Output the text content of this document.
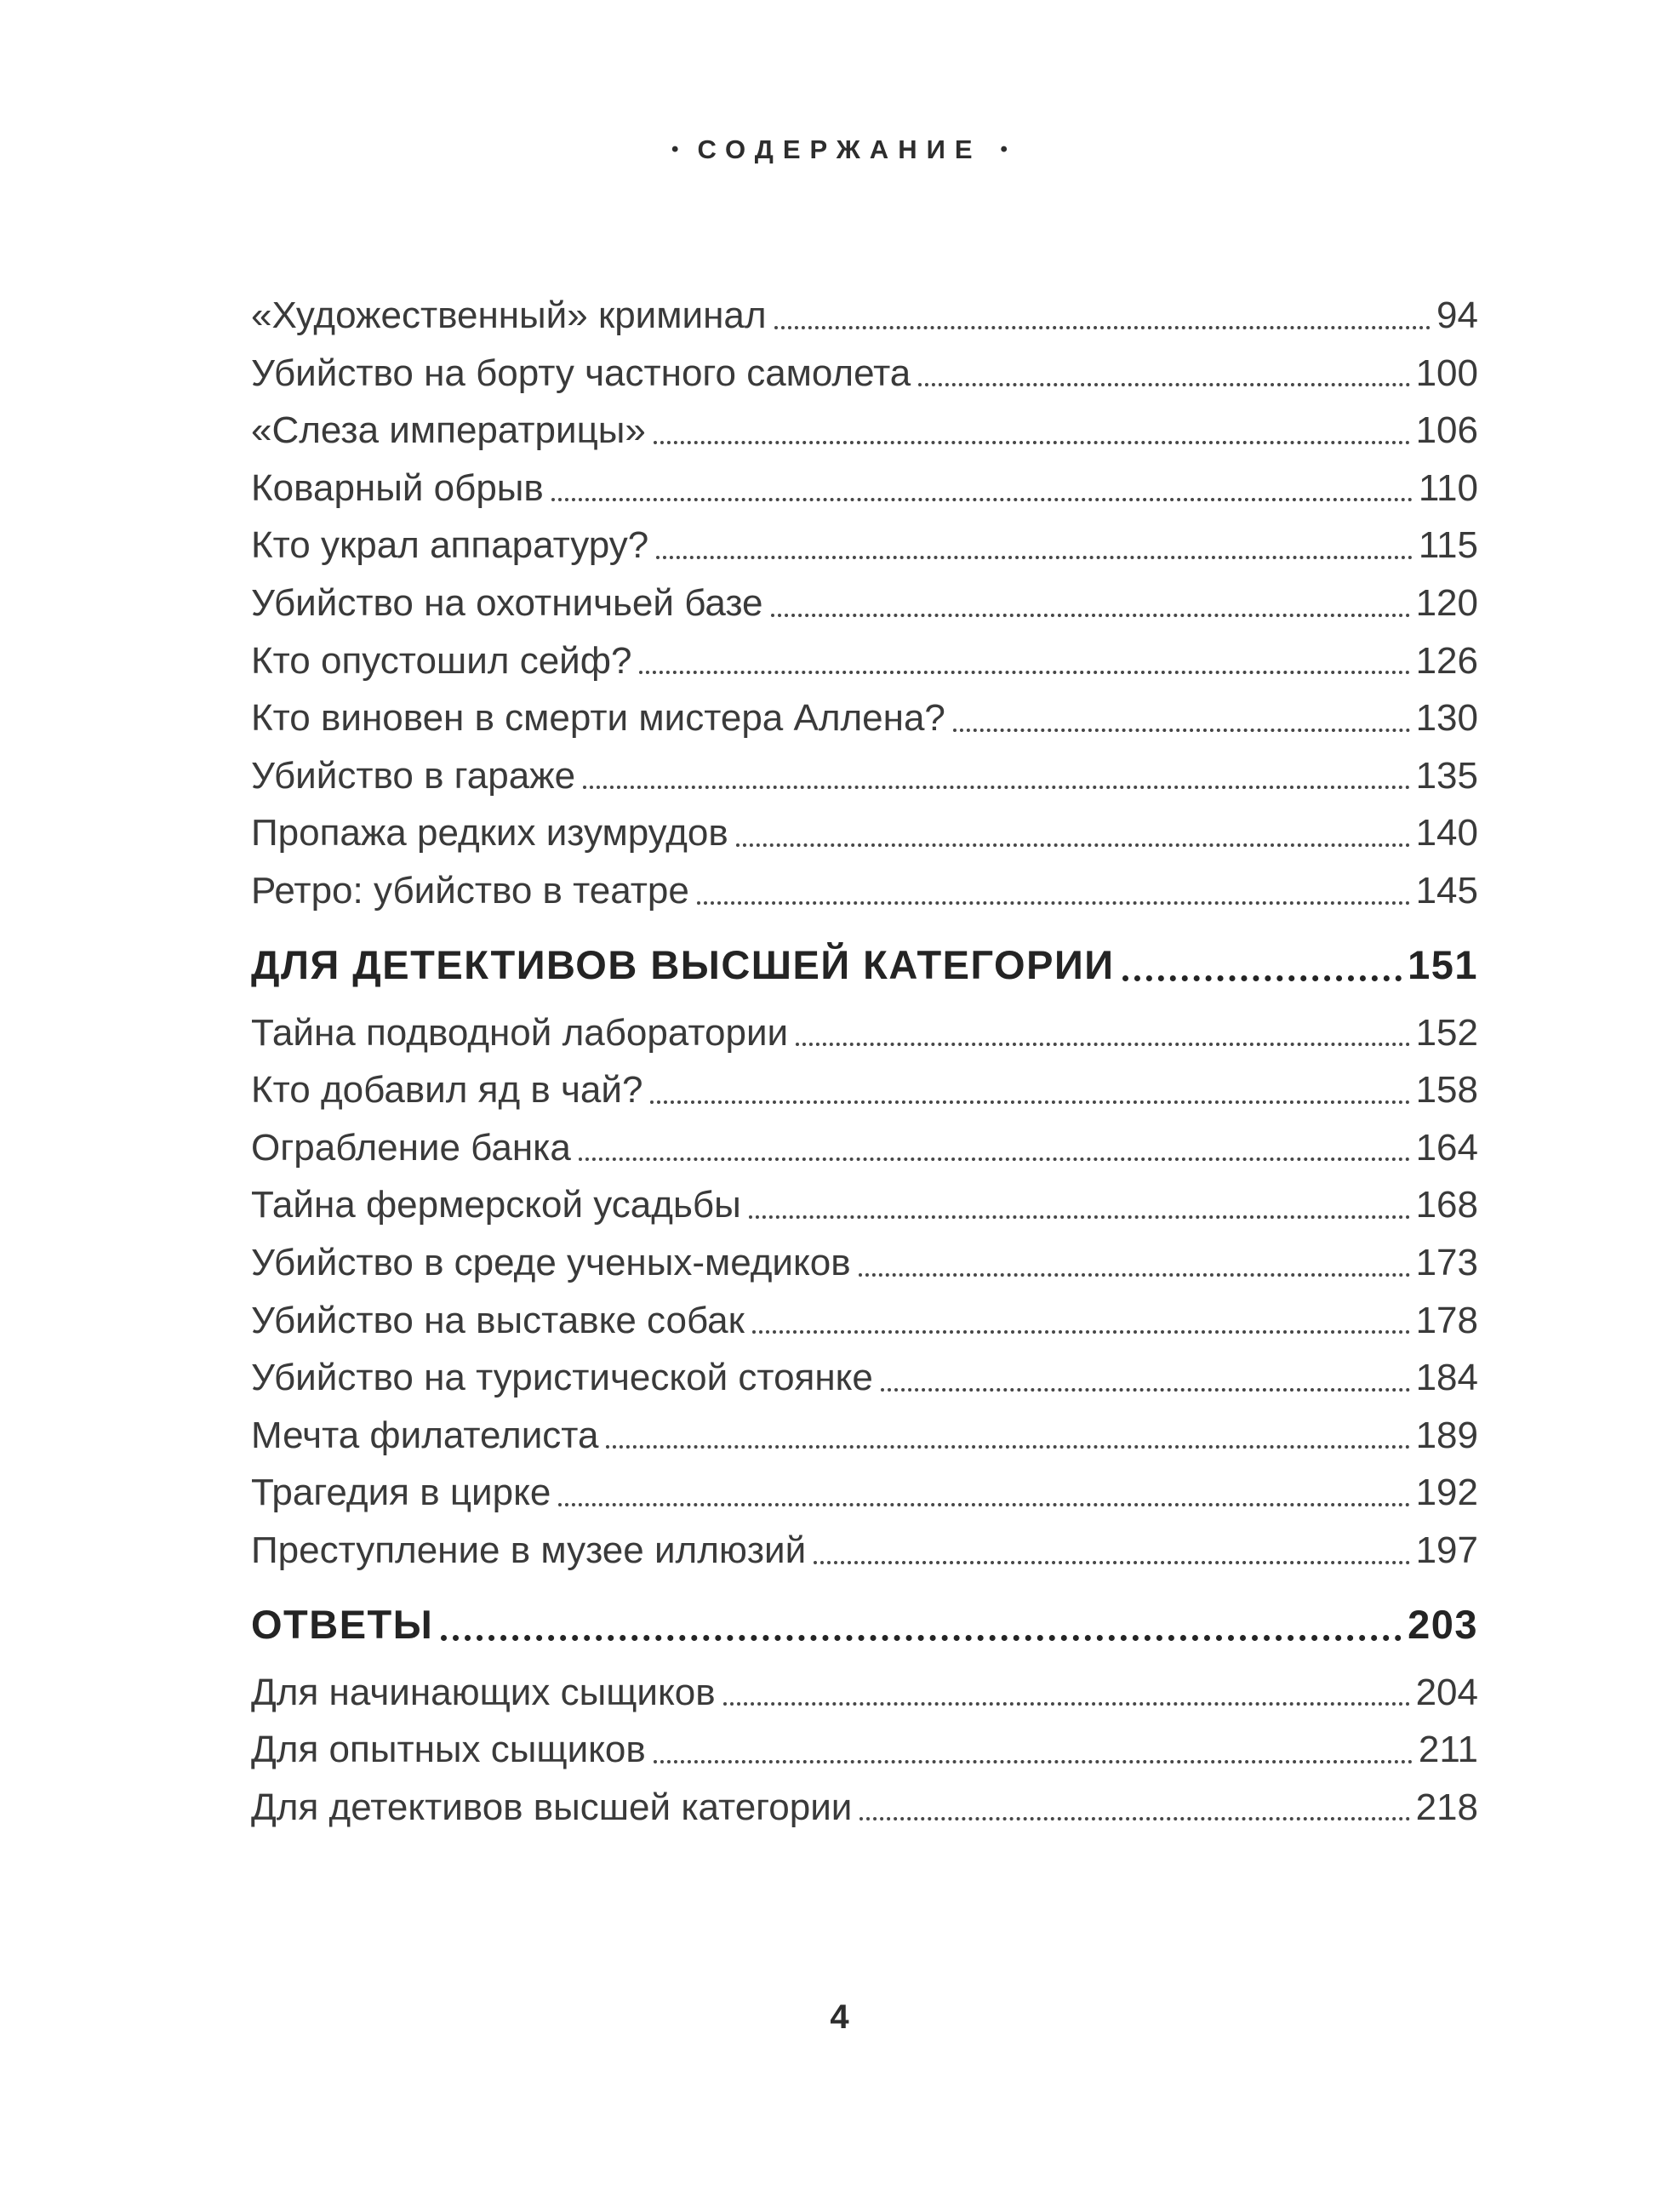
• СОДЕРЖАНИЕ •
«Художественный» криминал	94
Убийство на борту частного самолета	100
«Слеза императрицы»	106
Коварный обрыв	110
Кто украл аппаратуру?	115
Убийство на охотничьей базе	120
Кто опустошил сейф?	126
Кто виновен в смерти мистера Аллена?	130
Убийство в гараже	135
Пропажа редких изумрудов	140
Ретро: убийство в театре	145
ДЛЯ ДЕТЕКТИВОВ ВЫСШЕЙ КАТЕГОРИИ	151
Тайна подводной лаборатории	152
Кто добавил яд в чай?	158
Ограбление банка	164
Тайна фермерской усадьбы	168
Убийство в среде ученых-медиков	173
Убийство на выставке собак	178
Убийство на туристической стоянке	184
Мечта филателиста	189
Трагедия в цирке	192
Преступление в музее иллюзий	197
ОТВЕТЫ	203
Для начинающих сыщиков	204
Для опытных сыщиков	211
Для детективов высшей категории	218
4
